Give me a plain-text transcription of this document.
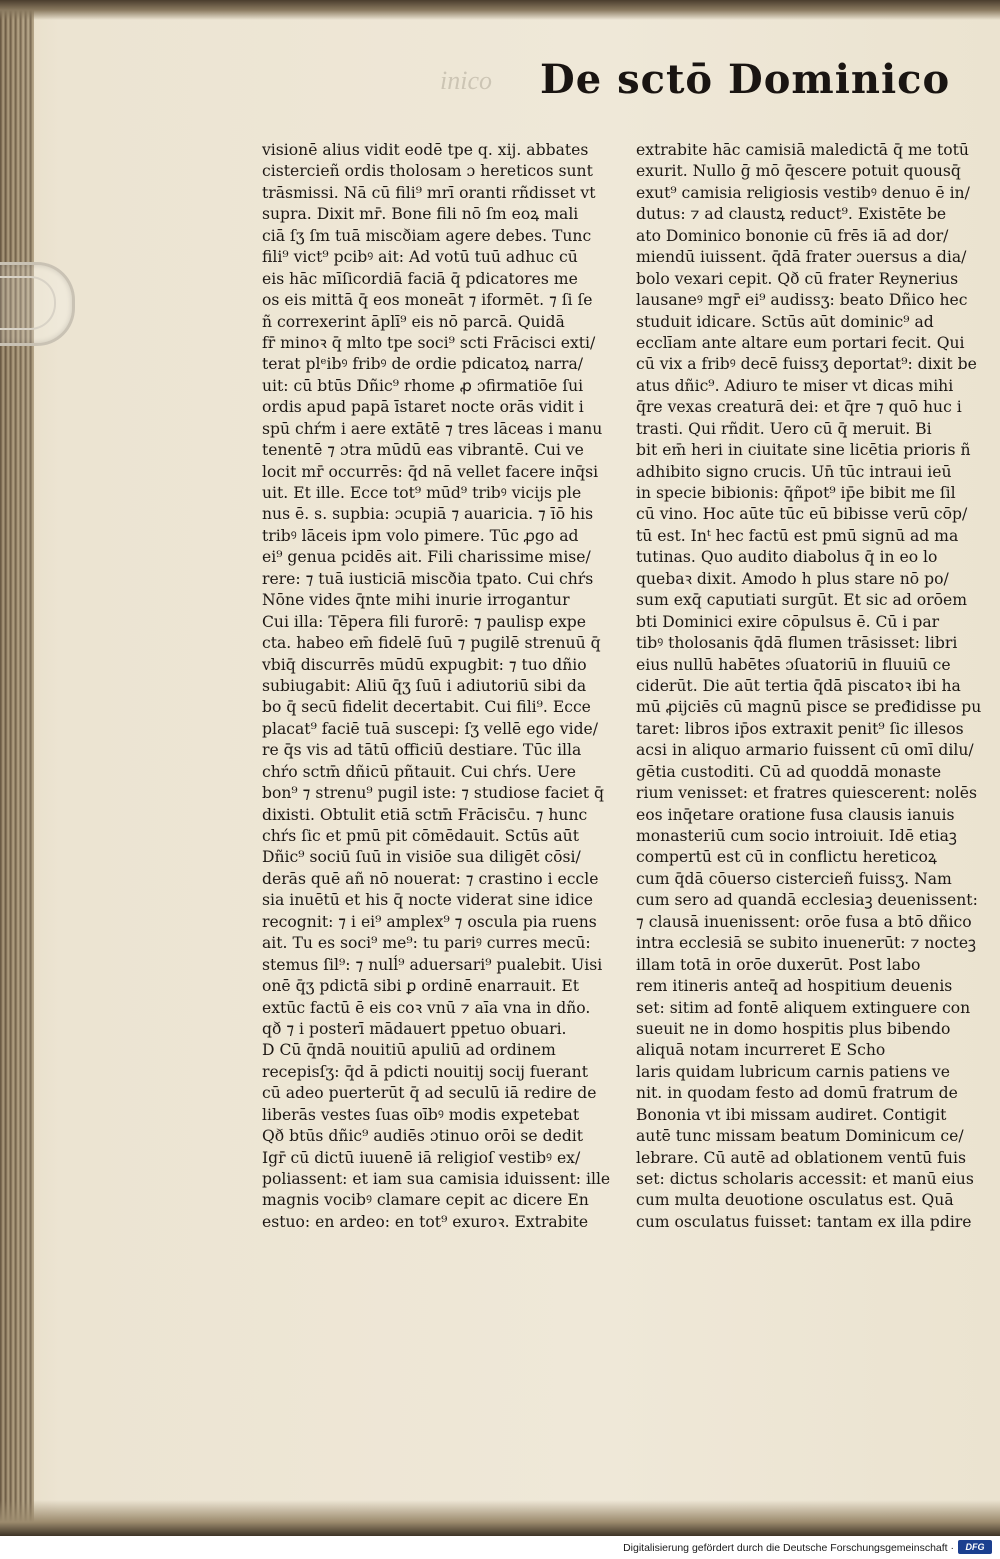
inico	De sctō Dominico
visionē alius vidit eodē tpe q. xij. abbates
cistercieñ ordis tholosam ɔ hereticos sunt
trāsmissi. Nā cū fili⁹ mrī oranti rñdisset vt
supra. Dixit mr̄. Bone fili nō ſm eoꝝ mali
ciā ſʒ ſm tuā miscðiam agere debes. Tunc
fili⁹ vict⁹ pcibꝰ ait: Ad votū tuū adhuc cū
eis hāc mīſicordiā faciā q̄ pdicatores me
os eis mittā q̄ eos moneāt ⁊ iformēt. ⁊ ſi ſe
ñ correxerint āplī⁹ eis nō parcā. Quidā
fr̄ minoꝛ q̄ mlto tpe soci⁹ scti Frācisci exti/
terat plᵉibꝰ fribꝰ de ordie pdicatoꝝ narra/
uit: cū btūs Dñic⁹ rhome ꝓ ɔfirmatiōe ſui
ordis apud papā īstaret nocte orās vidit i
spū chŕm i aere extātē ⁊ tres lāceas i manu
tenentē ⁊ ɔtra mūdū eas vibrantē. Cui ve
locit mr̄ occurrēs: q̄d nā vellet facere inq̄si
uit. Et ille. Ecce tot⁹ mūd⁹ tribꝰ vicijs ple
nus ē. s. supbia: ɔcupiā ⁊ auaricia. ⁊ īō his
tribꝰ lāceis ipm volo pimere. Tūc ꝓgo ad
ei⁹ genua pcidēs ait. Fili charissime mise/
rere: ⁊ tuā iusticiā miscðia tpato. Cui chŕs
Nōne vides q̄nte mihi inurie irrogantur
Cui illa: Tēpera fili furorē: ⁊ paulisp expe
cta. habeo em̄ fidelē ſuū ⁊ pugilē strenuū q̄
vbiq̄ discurrēs mūdū expugbit: ⁊ tuo dñio
subiugabit: Aliū q̄ʒ ſuū i adiutoriū sibi da
bo q̄ secū fidelit decertabit. Cui fili⁹. Ecce
placat⁹ faciē tuā suscepi: ſʒ vellē ego vide/
re q̄s vis ad tātū officiū destiare. Tūc illa
chŕo sctm̄ dñicū pñtauit. Cui chŕs. Uere
bon⁹ ⁊ strenu⁹ pugil iste: ⁊ studiose faciet q̄
dixisti. Obtulit etiā sctm̄ Frācisc̄u. ⁊ hunc
chŕs ſic et pmū pit cōmēdauit. Sctūs aūt
Dñic⁹ sociū ſuū in visiōe sua diligēt cōsi/
derās quē añ nō nouerat: ⁊ crastino i eccle
sia inuētū et his q̄ nocte viderat sine idice
recognit: ⁊ i ei⁹ amplex⁹ ⁊ oscula pia ruens
ait. Tu es soci⁹ me⁹: tu pariꝰ curres mecū:
stemus ſil⁹: ⁊ nulĺ⁹ aduersari⁹ pualebit. Uisi
onē q̄ʒ pdictā sibi ꝑ ordinē enarrauit. Et
extūc factū ē eis coꝛ vnū ⁊ aīa vna in dño.
qð ⁊ i posterī mādauert ppetuo obuari.
D Cū q̄ndā nouitiū apuliū ad ordinem
recepisſʒ: q̄d ā pdicti nouitij socij fuerant
cū adeo puerterūt q̄ ad seculū iā redire de
liberās vestes ſuas oībꝰ modis expetebat
Qð btūs dñic⁹ audiēs ɔtinuo orōi se dedit
Igr̄ cū dictū iuuenē iā religioſ vestibꝰ ex/
poliassent: et iam sua camisia iduissent: ille
magnis vocibꝰ clamare cepit ac dicere En
estuo: en ardeo: en tot⁹ exuroꝛ. Extrabite
extrabite hāc camisiā maledictā q̄ me totū
exurit. Nullo ḡ mō q̄escere potuit quousq̄
exut⁹ camisia religiosis vestibꝰ denuo ē in/
dutus: ⁊ ad claustꝝ reduct⁹. Existēte be
ato Dominico bononie cū frēs iā ad dor/
miendū iuissent. q̄dā frater ɔuersus a dia/
bolo vexari cepit. Qð cū frater Reynerius
lausaneꝰ mgr̄ ei⁹ audissʒ: beato Dñico hec
studuit idicare. Sctūs aūt dominic⁹ ad
ecclīam ante altare eum portari fecit. Qui
cū vix a fribꝰ decē fuissʒ deportat⁹: dixit be
atus dñic⁹. Adiuro te miser vt dicas mihi
q̄re vexas creaturā dei: et q̄re ⁊ quō huc i
trasti. Qui rñdit. Uero cū q̄ meruit. Bi
bit em̄ heri in ciuitate sine licētia prioris ñ
adhibito signo crucis. Un̄ tūc intraui ieū
in specie bibionis: q̄ñpot⁹ ip̄e bibit me ſil
cū vino. Hoc aūte tūc eū bibisse verū cōp/
tū est. Inᵗ hec factū est pmū signū ad ma
tutinas. Quo audito diabolus q̄ in eo lo
quebaꝛ dixit. Amodo h plus stare nō po/
sum exq̄ caputiati surgūt. Et sic ad orōem
bti Dominici exire cōpulsus ē. Cū i par
tibꝰ tholosanis q̄dā flumen trāsisset: libri
eius nullū habētes ɔſuatoriū in fluuiū ce
ciderūt. Die aūt tertia q̄dā piscatoꝛ ibi ha
mū ꝓijciēs cū magnū pisce se pređidisse pu
taret: libros ip̄os extraxit penit⁹ ſic illesos
acsi in aliquo armario fuissent cū omī dilu/
gētia custoditi. Cū ad quoddā monaste
rium venisset: et fratres quiescerent: nolēs
eos inq̄etare oratione fusa clausis ianuis
monasteriū cum socio introiuit. Idē etiaꝫ
compertū est cū in conflictu hereticoꝝ
cum q̄dā cōuerso cistercieñ fuissʒ. Nam
cum sero ad quandā ecclesiaꝫ deuenissent:
⁊ clausā inuenissent: orōe fusa a btō dñico
intra ecclesiā se subito inuenerūt: ⁊ nocteꝫ
illam totā in orōe duxerūt. Post labo
rem itineris anteq̄ ad hospitium deuenis
set: sitim ad fontē aliquem extinguere con
sueuit ne in domo hospitis plus bibendo
aliquā notam incurreret E Scho
laris quidam lubricum carnis patiens ve
nit. in quodam festo ad domū fratrum de
Bononia vt ibi missam audiret. Contigit
autē tunc missam beatum Dominicum ce/
lebrare. Cū autē ad oblationem ventū fuis
set: dictus scholaris accessit: et manū eius
cum multa deuotione osculatus est. Quā
cum osculatus fuisset: tantam ex illa pdire
Digitalisierung gefördert durch die Deutsche Forschungsgemeinschaft ·	DFG
